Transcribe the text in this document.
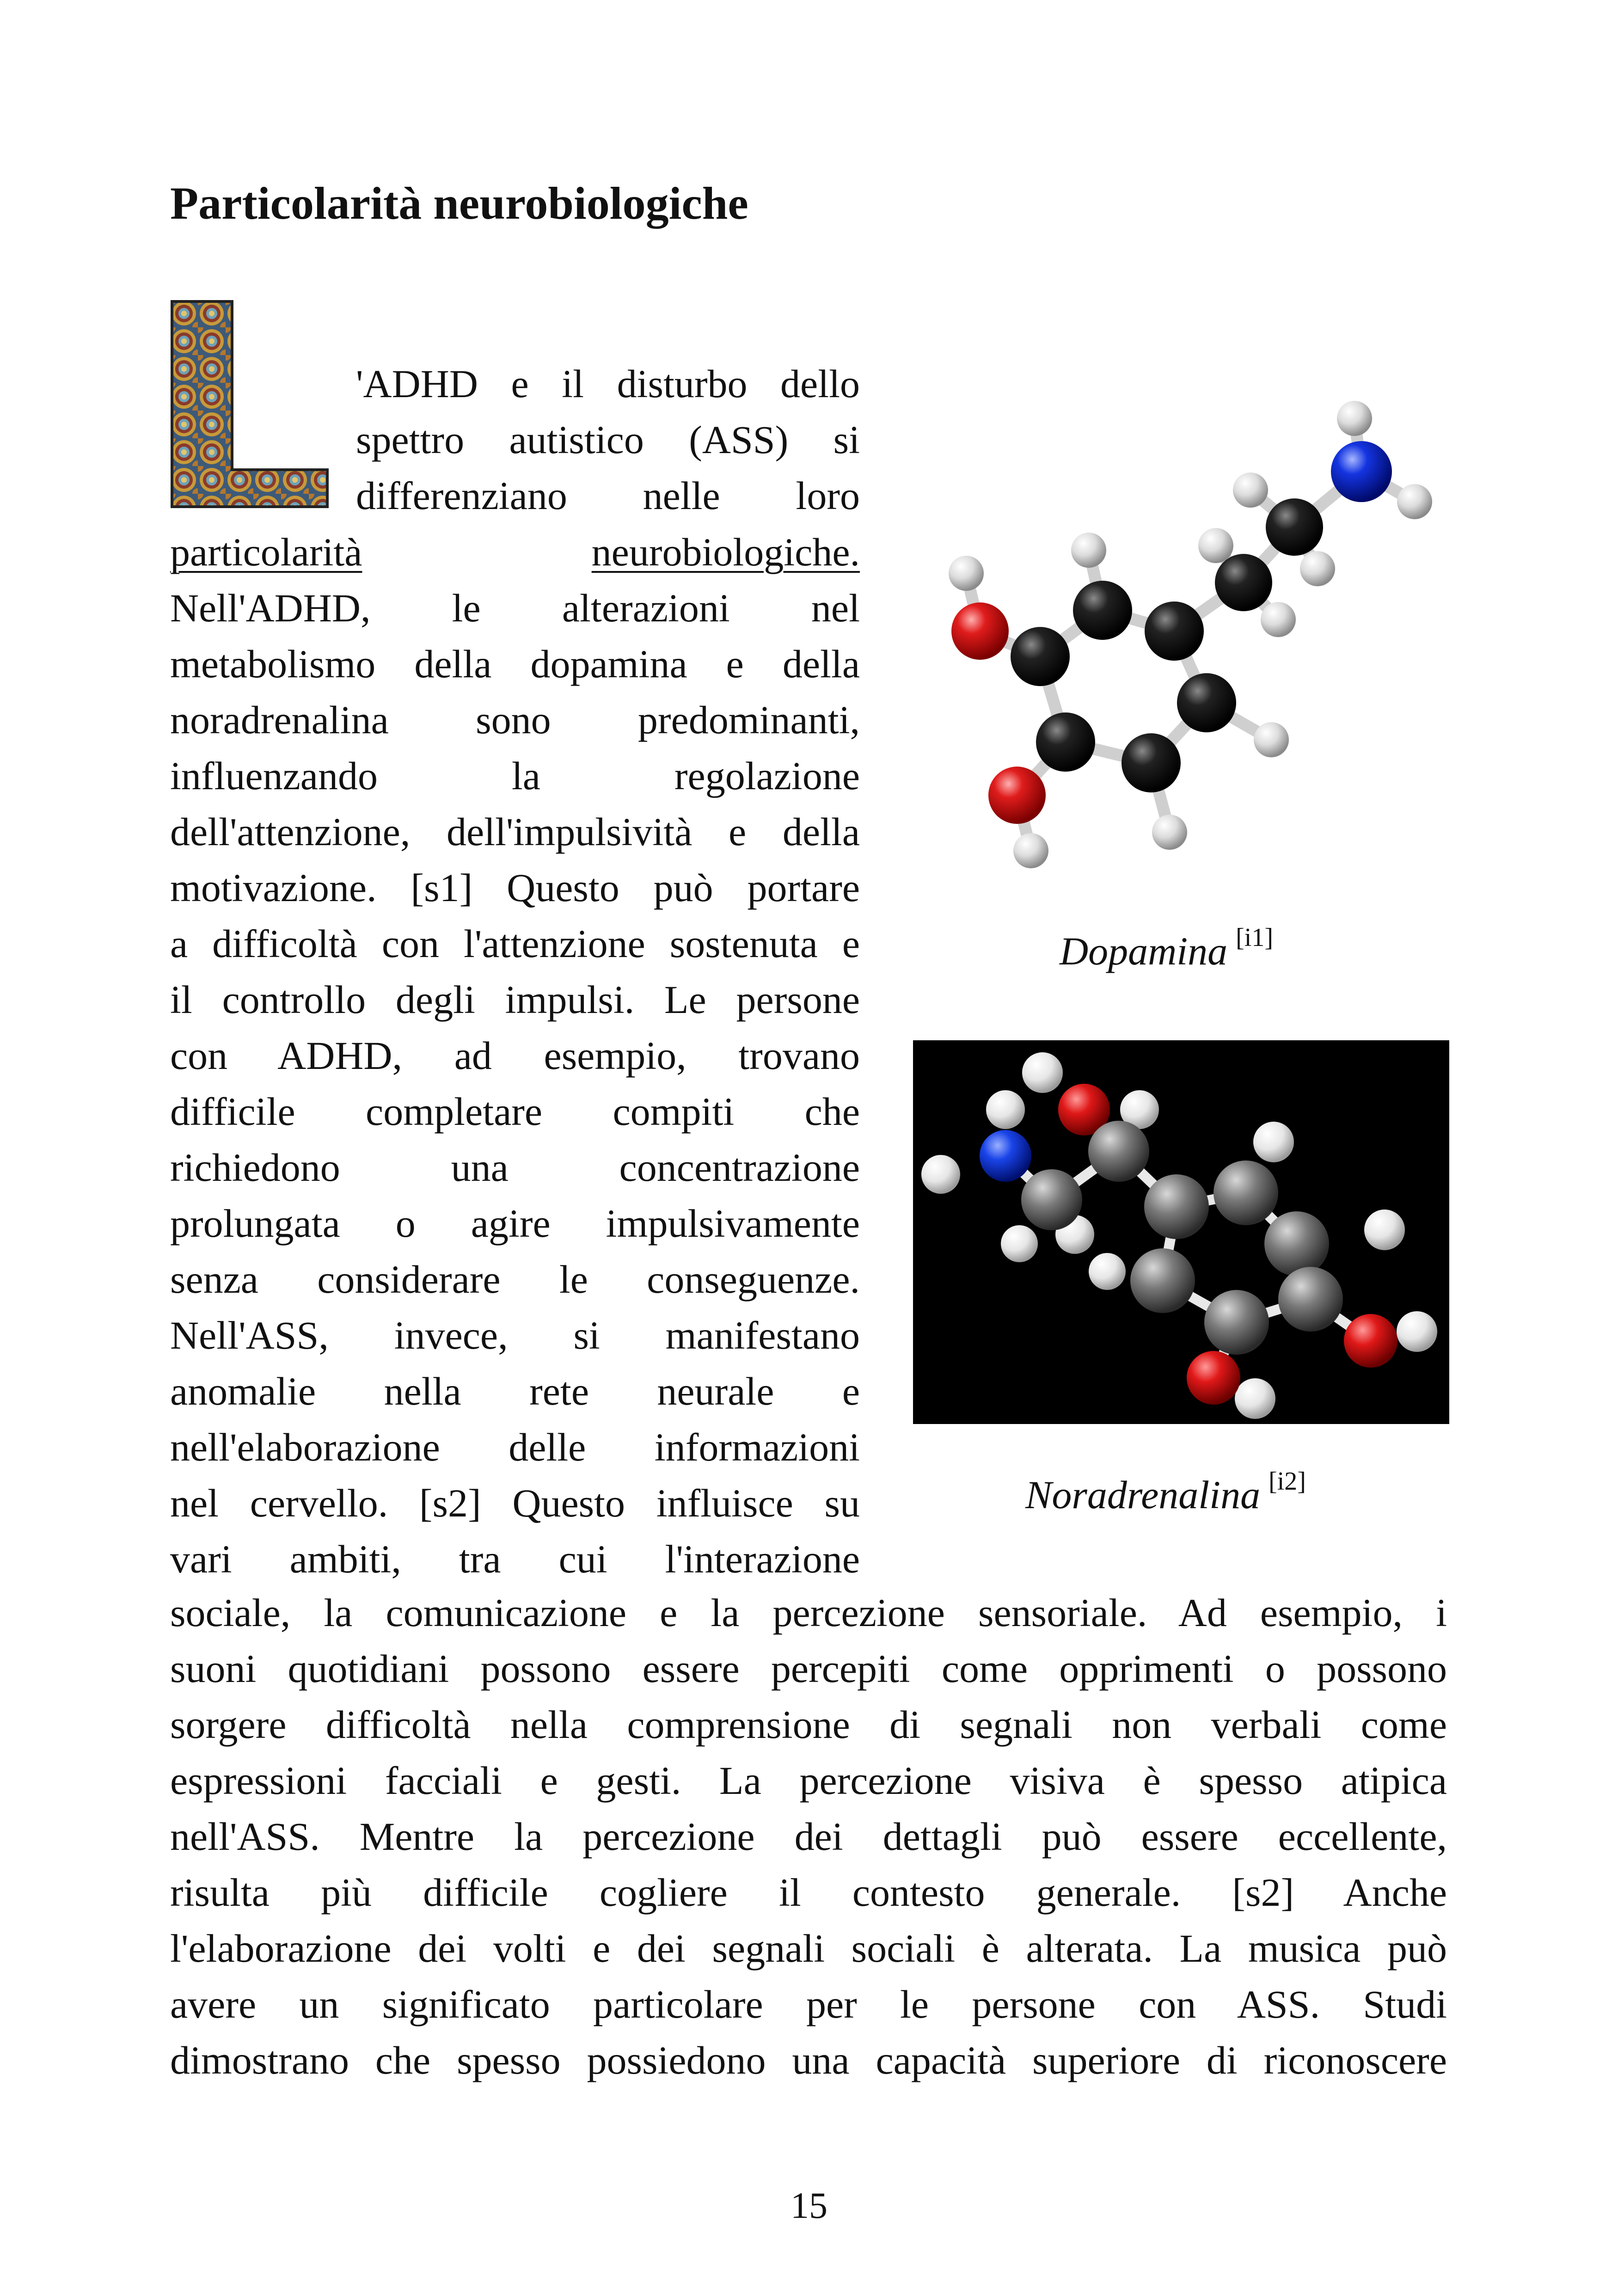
Particolarità neurobiologiche
'ADHD e il disturbo dello
spettro autistico (ASS) si
differenziano nelle loro
particolarità	neurobiologiche.
Nell'ADHD, le alterazioni nel
metabolismo della dopamina e della
noradrenalina sono predominanti,
influenzando la regolazione
dell'attenzione, dell'impulsività e della
motivazione. [s1] Questo può portare
a difficoltà con l'attenzione sostenuta e
il controllo degli impulsi. Le persone
con ADHD, ad esempio, trovano
difficile completare compiti che
richiedono una concentrazione
prolungata o agire impulsivamente
senza considerare le conseguenze.
Nell'ASS, invece, si manifestano
anomalie nella rete neurale e
nell'elaborazione delle informazioni
nel cervello. [s2] Questo influisce su
vari ambiti, tra cui l'interazione
sociale, la comunicazione e la percezione sensoriale. Ad esempio, i
suoni quotidiani possono essere percepiti come opprimenti o possono
sorgere difficoltà nella comprensione di segnali non verbali come
espressioni facciali e gesti. La percezione visiva è spesso atipica
nell'ASS. Mentre la percezione dei dettagli può essere eccellente,
risulta più difficile cogliere il contesto generale. [s2] Anche
l'elaborazione dei volti e dei segnali sociali è alterata. La musica può
avere un significato particolare per le persone con ASS. Studi
dimostrano che spesso possiedono una capacità superiore di riconoscere
Dopamina [i1]
Noradrenalina [i2]
15
